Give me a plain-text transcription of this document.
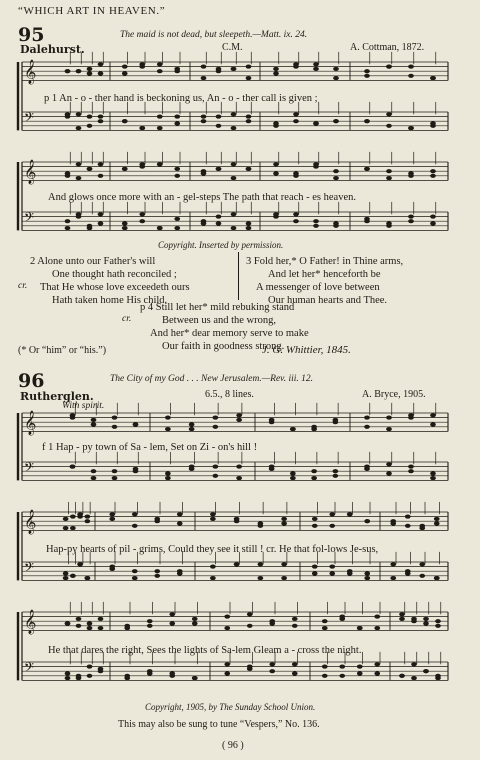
“WHICH ART IN HEAVEN.”
95
Dalehurst.
The maid is not dead, but sleepeth.—Matt. ix. 24.
C.M.	A. Cottman, 1872.
p 1 An - o - ther hand is beckoning us, An - o - ther call is given ;
And glows once more with an - gel-steps The path that reach - es heaven.
Copyright. Inserted by permission.
2 Alone unto our Father's will
One thought hath reconciled ;
That He whose love exceedeth ours
Hath taken home His child.
cr.
3 Fold her,* O Father! in Thine arms,
And let her* henceforth be
A messenger of love between
Our human hearts and Thee.
p 4 Still let her* mild rebuking stand
Between us and the wrong,
And her* dear memory serve to make
Our faith in goodness strong.
cr.
(* Or “him” or “his.”)	J. G. Whittier, 1845.
96
Rutherglen.
The City of my God . . . New Jerusalem.—Rev. iii. 12.
6.5., 8 lines.	A. Bryce, 1905.
With spirit.
f 1 Hap - py town of Sa - lem, Set on Zi - on's hill !
Hap-py hearts of pil - grims, Could they see it still ! cr. He that fol-lows Je-sus,
He that dares the right, Sees the lights of Sa-lem Gleam a - cross the night.
Copyright, 1905, by The Sunday School Union.
This may also be sung to tune “Vespers,” No. 136.
( 96 )
𝄞
𝄢
𝄞
𝄢
𝄞
𝄢
𝄞
𝄢
𝄞
𝄢
